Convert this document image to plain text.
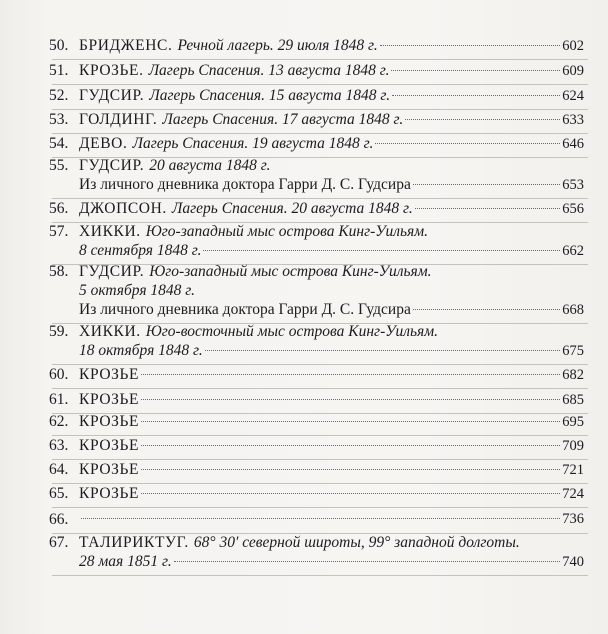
50. БРИДЖЕНС. Речной лагерь. 29 июля 1848 г.	602
51. КРОЗЬЕ. Лагерь Спасения. 13 августа 1848 г.	609
52. ГУДСИР. Лагерь Спасения. 15 августа 1848 г.	624
53. ГОЛДИНГ. Лагерь Спасения. 17 августа 1848 г.	633
54. ДЕВО. Лагерь Спасения. 19 августа 1848 г.	646
55. ГУДСИР. 20 августа 1848 г.
Из личного дневника доктора Гарри Д. С. Гудсира	653
56. ДЖОПСОН. Лагерь Спасения. 20 августа 1848 г.	656
57. ХИККИ. Юго-западный мыс острова Кинг-Уильям.
8 сентября 1848 г.	662
58. ГУДСИР. Юго-западный мыс острова Кинг-Уильям.
5 октября 1848 г.
Из личного дневника доктора Гарри Д. С. Гудсира	668
59. ХИККИ. Юго-восточный мыс острова Кинг-Уильям.
18 октября 1848 г.	675
60. КРОЗЬЕ	682
61. КРОЗЬЕ	685
62. КРОЗЬЕ	695
63. КРОЗЬЕ	709
64. КРОЗЬЕ	721
65. КРОЗЬЕ	724
66.	736
67. ТАЛИРИКТУГ. 68° 30′ северной широты, 99° западной долготы.
28 мая 1851 г.	740
